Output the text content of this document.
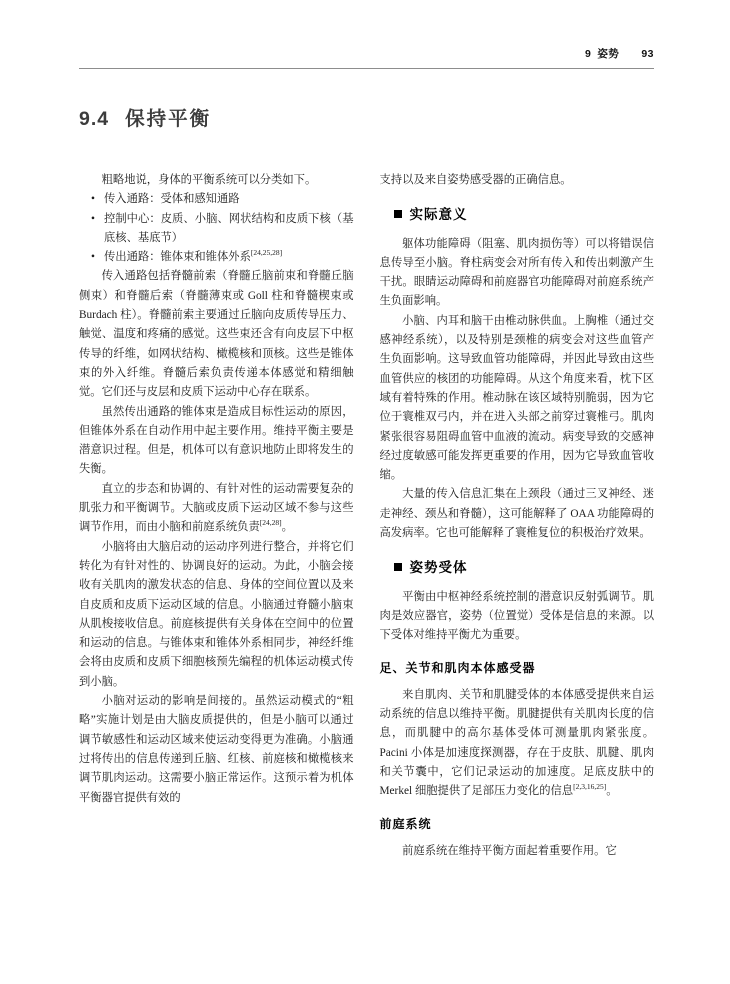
9 姿势 93
9.4 保持平衡

粗略地说，身体的平衡系统可以分类如下。

• 传入通路：受体和感知通路
• 控制中心：皮质、小脑、网状结构和皮质下核（基底核、基底节）
• 传出通路：锥体束和锥体外系[24,25,28]

传入通路包括脊髓前索（脊髓丘脑前束和脊髓丘脑侧束）和脊髓后索（脊髓薄束或 Goll 柱和脊髓楔束或 Burdach 柱）。脊髓前索主要通过丘脑向皮质传导压力、触觉、温度和疼痛的感觉。这些束还含有向皮层下中枢传导的纤维，如网状结构、橄榄核和顶核。这些是锥体束的外入纤维。脊髓后索负责传递本体感觉和精细触觉。它们还与皮层和皮质下运动中心存在联系。

虽然传出通路的锥体束是造成目标性运动的原因，但锥体外系在自动作用中起主要作用。维持平衡主要是潜意识过程。但是，机体可以有意识地防止即将发生的失衡。

直立的步态和协调的、有针对性的运动需要复杂的肌张力和平衡调节。大脑或皮质下运动区域不参与这些调节作用，而由小脑和前庭系统负责[24,28]。

小脑将由大脑启动的运动序列进行整合，并将它们转化为有针对性的、协调良好的运动。为此，小脑会接收有关肌肉的激发状态的信息、身体的空间位置以及来自皮质和皮质下运动区域的信息。小脑通过脊髓小脑束从肌梭接收信息。前庭核提供有关身体在空间中的位置和运动的信息。与锥体束和锥体外系相同步，神经纤维会将由皮质和皮质下细胞核预先编程的机体运动模式传到小脑。

小脑对运动的影响是间接的。虽然运动模式的“粗略”实施计划是由大脑皮质提供的，但是小脑可以通过调节敏感性和运动区域来使运动变得更为准确。小脑通过将传出的信息传递到丘脑、红核、前庭核和橄榄核来调节肌肉运动。这需要小脑正常运作。这预示着为机体平衡器官提供有效的

支持以及来自姿势感受器的正确信息。

实际意义

躯体功能障碍（阻塞、肌肉损伤等）可以将错误信息传导至小脑。脊柱病变会对所有传入和传出刺激产生干扰。眼睛运动障碍和前庭器官功能障碍对前庭系统产生负面影响。

小脑、内耳和脑干由椎动脉供血。上胸椎（通过交感神经系统），以及特别是颈椎的病变会对这些血管产生负面影响。这导致血管功能障碍，并因此导致由这些血管供应的核团的功能障碍。从这个角度来看，枕下区域有着特殊的作用。椎动脉在该区域特别脆弱，因为它位于寰椎双弓内，并在进入头部之前穿过寰椎弓。肌肉紧张很容易阻碍血管中血液的流动。病变导致的交感神经过度敏感可能发挥更重要的作用，因为它导致血管收缩。

大量的传入信息汇集在上颈段（通过三叉神经、迷走神经、颈丛和脊髓），这可能解释了 OAA 功能障碍的高发病率。它也可能解释了寰椎复位的积极治疗效果。

姿势受体

平衡由中枢神经系统控制的潜意识反射弧调节。肌肉是效应器官，姿势（位置觉）受体是信息的来源。以下受体对维持平衡尤为重要。

足、关节和肌肉本体感受器

来自肌肉、关节和肌腱受体的本体感受提供来自运动系统的信息以维持平衡。肌腱提供有关肌肉长度的信息，而肌腱中的高尔基体受体可测量肌肉紧张度。Pacini 小体是加速度探测器，存在于皮肤、肌腱、肌肉和关节囊中，它们记录运动的加速度。足底皮肤中的 Merkel 细胞提供了足部压力变化的信息[2,3,16,25]。

前庭系统

前庭系统在维持平衡方面起着重要作用。它
